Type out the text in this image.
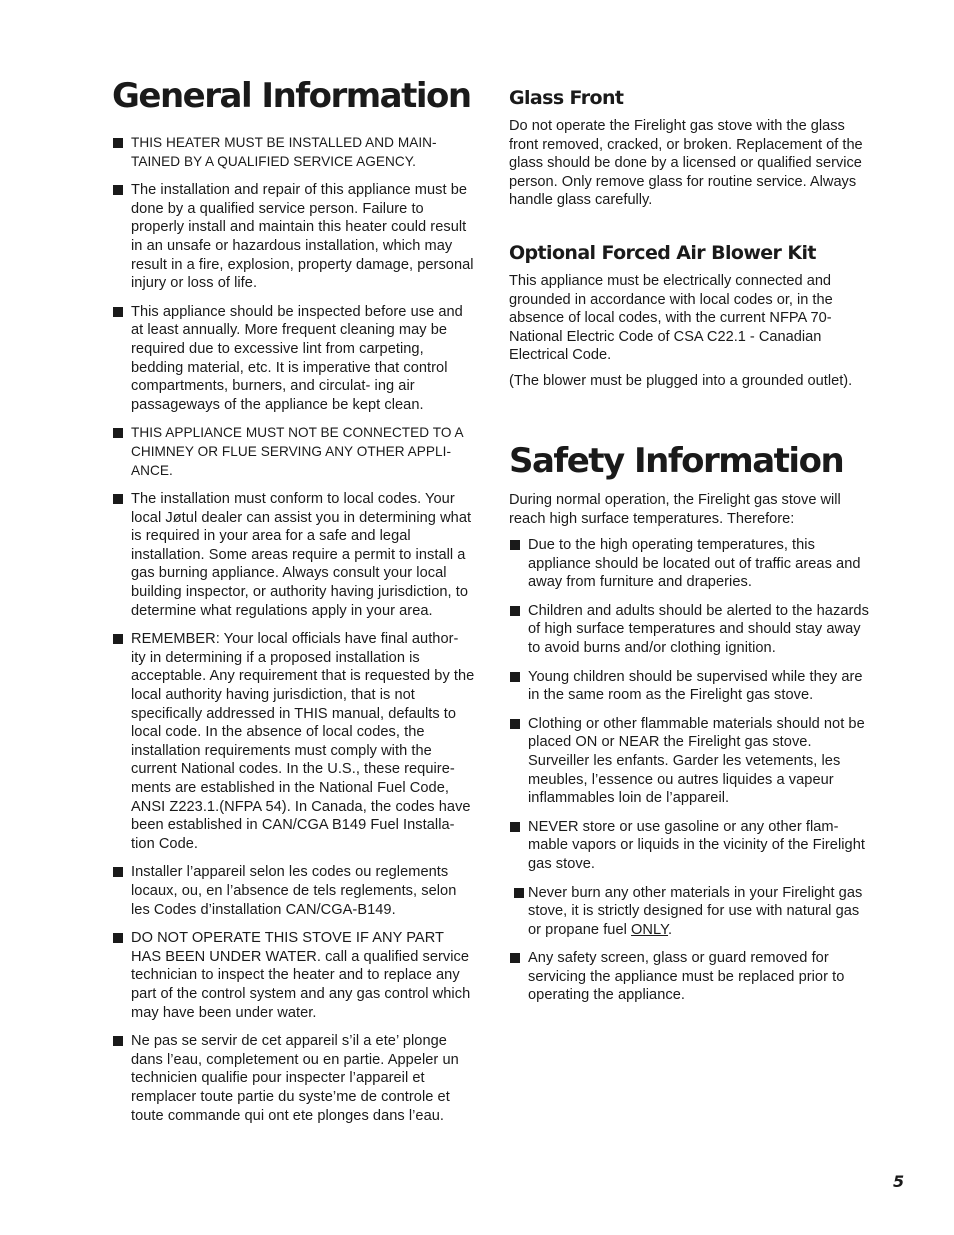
General Information
THIS HEATER MUST BE INSTALLED AND MAIN- TAINED BY A QUALIFIED SERVICE AGENCY.
The installation and repair of this appliance must be done by a qualified service person. Failure to properly install and maintain this heater could result in an unsafe or hazardous installation, which may result in a fire, explosion, property damage, personal injury or loss of life.
This appliance should be inspected before use and at least annually. More frequent cleaning may be required due to excessive lint from carpeting, bedding material, etc. It is imperative that control compartments, burners, and circulat- ing air passageways of the appliance be kept clean.
THIS APPLIANCE MUST NOT BE CONNECTED TO A CHIMNEY OR FLUE SERVING ANY OTHER APPLI- ANCE.
The installation must conform to local codes. Your local Jøtul dealer can assist you in determining what is required in your area for a safe and legal installation. Some areas require a permit to install a gas burning appliance. Always consult your local building inspector, or authority having jurisdiction, to determine what regulations apply in your area.
REMEMBER: Your local officials have final author- ity in determining if a proposed installation is acceptable. Any requirement that is requested by the local authority having jurisdiction, that is not specifically addressed in THIS manual, defaults to local code. In the absence of local codes, the installation requirements must comply with the current National codes. In the U.S., these require- ments are established in the National Fuel Code, ANSI Z223.1.(NFPA 54). In Canada, the codes have been established in CAN/CGA B149 Fuel Installa- tion Code.
Installer l’appareil selon les codes ou reglements locaux, ou, en l’absence de tels reglements, selon les Codes d’installation CAN/CGA-B149.
DO NOT OPERATE THIS STOVE IF ANY PART HAS BEEN UNDER WATER. call a qualified service technician to inspect the heater and to replace any part of the control system and any gas control which may have been under water.
Ne pas se servir de cet appareil s’il a ete’ plonge dans l’eau, completement ou en partie. Appeler un technicien qualifie pour inspecter l’appareil et remplacer toute partie du syste’me de controle et toute commande qui ont ete plonges dans l’eau.
Glass Front

Do not operate the Firelight gas stove with the glass front removed, cracked, or broken. Replacement of the glass should be done by a licensed or qualified service person. Only remove glass for routine service. Always handle glass carefully.

Optional Forced Air Blower Kit

This appliance must be electrically connected and grounded in accordance with local codes or, in the absence of local codes, with the current NFPA 70- National Electric Code of CSA C22.1 - Canadian Electrical Code.

(The blower must be plugged into a grounded outlet).

Safety Information

During normal operation, the Firelight gas stove will reach high surface temperatures. Therefore:

Due to the high operating temperatures, this appliance should be located out of traffic areas and away from furniture and draperies.
Children and adults should be alerted to the hazards of high surface temperatures and should stay away to avoid burns and/or clothing ignition.
Young children should be supervised while they are in the same room as the Firelight gas stove.
Clothing or other flammable materials should not be placed ON or NEAR the Firelight gas stove. Surveiller les enfants. Garder les vetements, les meubles, l’essence ou autres liquides a vapeur inflammables loin de l’appareil.
NEVER store or use gasoline or any other flam- mable vapors or liquids in the vicinity of the Firelight gas stove.
Never burn any other materials in your Firelight gas stove, it is strictly designed for use with natural gas or propane fuel ONLY.
Any safety screen, glass or guard removed for servicing the appliance must be replaced prior to operating the appliance.
5
